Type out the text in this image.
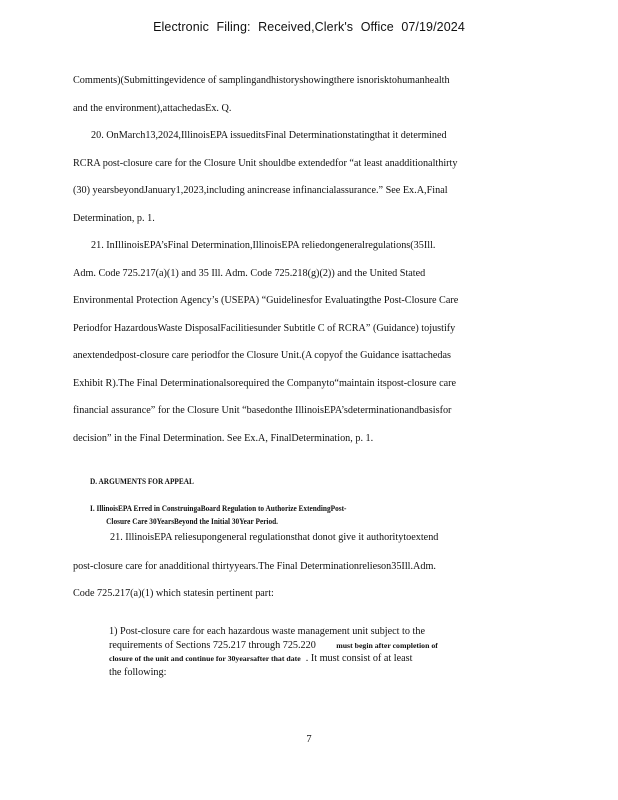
Electronic Filing: Received,Clerk's Office 07/19/2024
Comments)(Submittingevidence of samplingandhistoryshowingthere isnorisktohumanhealth
and the environment),attachedasEx. Q.
20. OnMarch13,2024,IllinoisEPA issueditsFinal Determinationstatingthat it determined
RCRA post-closure care for the Closure Unit shouldbe extendedfor “at least anadditionalthirty
(30) yearsbeyondJanuary1,2023,including anincrease infinancialassurance.” See Ex.A,Final
Determination, p. 1.
21. InIllinoisEPA’sFinal Determination,IllinoisEPA reliedongeneralregulations(35Ill.
Adm. Code 725.217(a)(1) and 35 Ill. Adm. Code 725.218(g)(2)) and the United Stated
Environmental Protection Agency’s (USEPA) “Guidelinesfor Evaluatingthe Post-Closure Care
Periodfor HazardousWaste DisposalFacilitiesunder Subtitle C of RCRA” (Guidance) tojustify
anextendedpost-closure care periodfor the Closure Unit.(A copyof the Guidance isattachedas
Exhibit R).The Final Determinationalsorequired the Companyto“maintain itspost-closure care
financial assurance” for the Closure Unit “basedonthe IllinoisEPA’sdeterminationandbasisfor
decision” in the Final Determination. See Ex.A, FinalDetermination, p. 1.
D. ARGUMENTS FOR APPEAL
I. IllinoisEPA Erred in ConstruingaBoard Regulation to Authorize ExtendingPost-
Closure Care 30YearsBeyond the Initial 30Year Period.
21. IllinoisEPA reliesupongeneral regulationsthat donot give it authoritytoextend
post-closure care for anadditional thirtyyears.The Final Determinationrelieson35Ill.Adm.
Code 725.217(a)(1) which statesin pertinent part:
1) Post-closure care for each hazardous waste management unit subject to the
requirements of Sections 725.217 through 725.220	must begin after completion of
closure of the unit and continue for 30yearsafter that date . It must consist of at least
the following:
7
